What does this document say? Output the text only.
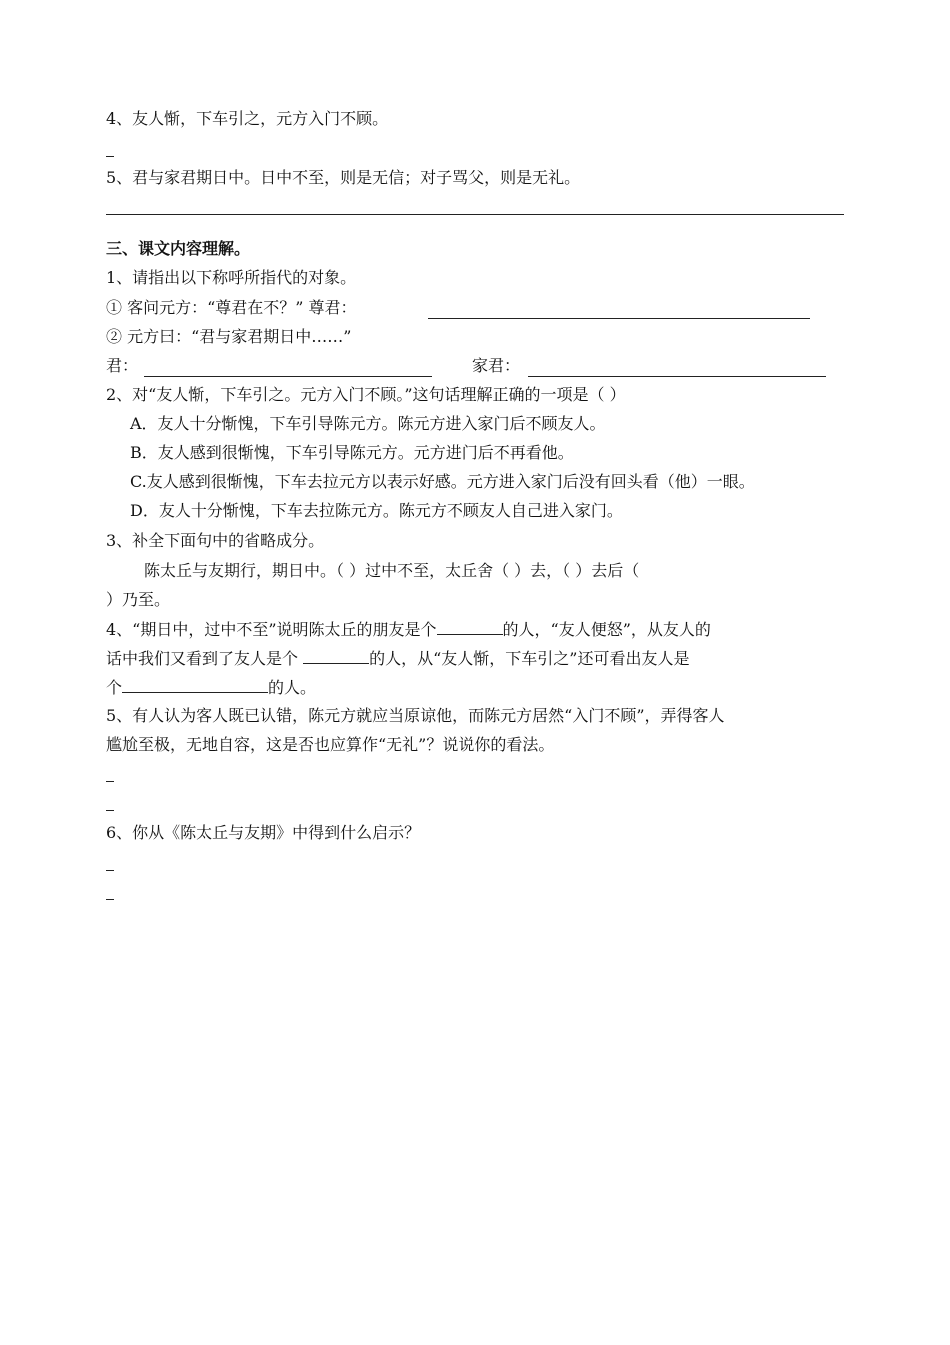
4、友人惭，下车引之，元方入门不顾。
5、君与家君期日中。日中不至，则是无信；对子骂父，则是无礼。
三、课文内容理解。
1、请指出以下称呼所指代的对象。
① 客问元方：“尊君在不？” 尊君：
② 元方曰：“君与家君期日中……”
君：	家君：
2、对“友人惭，下车引之。元方入门不顾。”这句话理解正确的一项是（ ）
A．友人十分惭愧，下车引导陈元方。陈元方进入家门后不顾友人。
B．友人感到很惭愧，下车引导陈元方。元方进门后不再看他。
C.友人感到很惭愧，下车去拉元方以表示好感。元方进入家门后没有回头看（他）一眼。
D．友人十分惭愧，下车去拉陈元方。陈元方不顾友人自己进入家门。
3、补全下面句中的省略成分。
陈太丘与友期行，期日中。（ ）过中不至，太丘舍（ ）去，（ ）去后（
）乃至。
4、“期日中，过中不至”说明陈太丘的朋友是个	的人，“友人便怒”，从友人的
话中我们又看到了友人是个	的人，从“友人惭，下车引之”还可看出友人是
个	的人。
5、有人认为客人既已认错，陈元方就应当原谅他，而陈元方居然“入门不顾”，弄得客人
尴尬至极，无地自容，这是否也应算作“无礼”？说说你的看法。
6、你从《陈太丘与友期》中得到什么启示？
